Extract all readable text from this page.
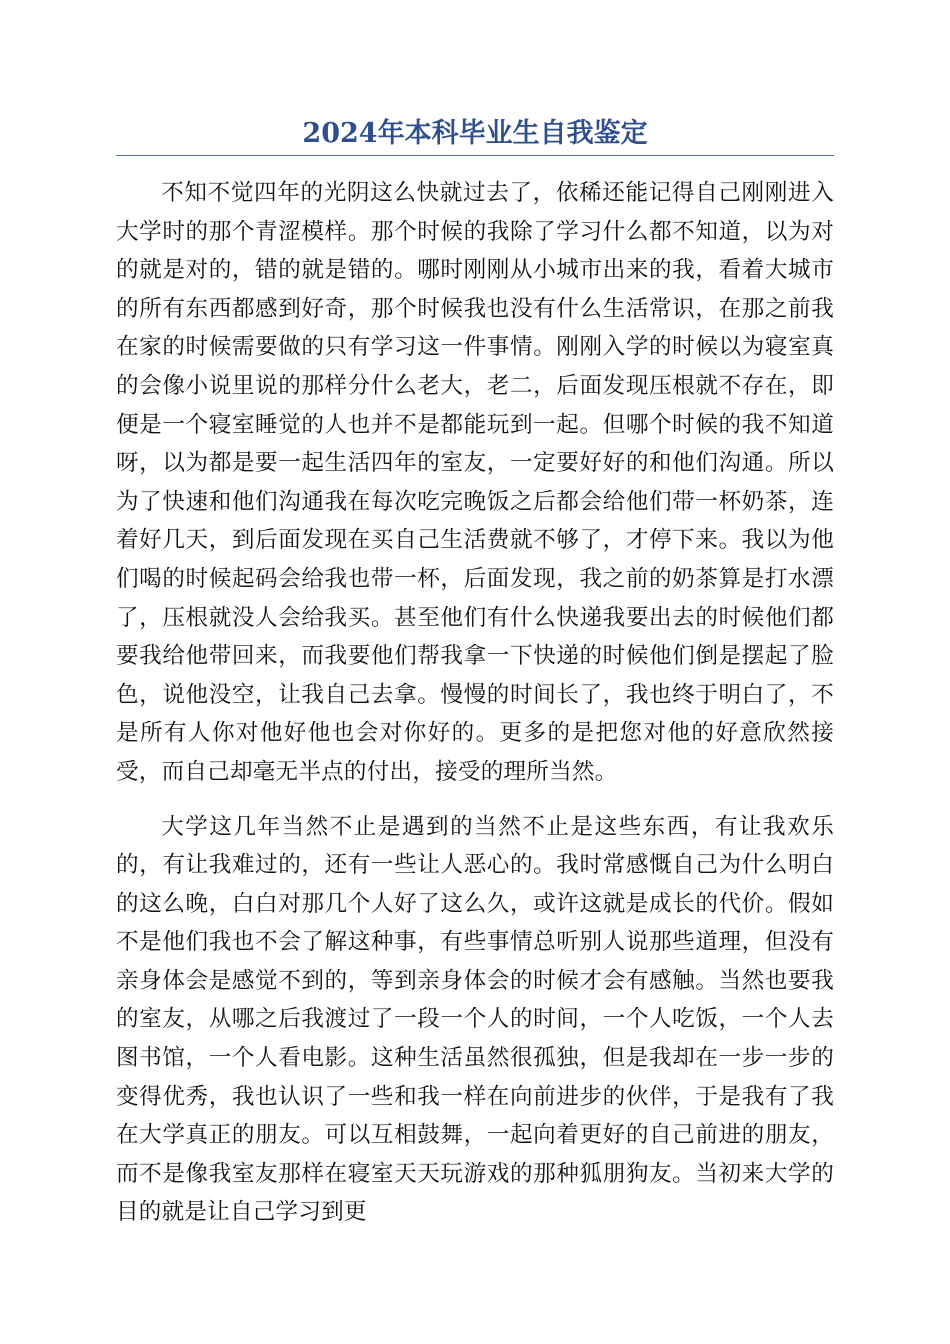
2024年本科毕业生自我鉴定

不知不觉四年的光阴这么快就过去了，依稀还能记得自己刚刚进入大学时的那个青涩模样。那个时候的我除了学习什么都不知道，以为对的就是对的，错的就是错的。哪时刚刚从小城市出来的我，看着大城市的所有东西都感到好奇，那个时候我也没有什么生活常识，在那之前我在家的时候需要做的只有学习这一件事情。刚刚入学的时候以为寝室真的会像小说里说的那样分什么老大，老二，后面发现压根就不存在，即便是一个寝室睡觉的人也并不是都能玩到一起。但哪个时候的我不知道呀，以为都是要一起生活四年的室友，一定要好好的和他们沟通。所以为了快速和他们沟通我在每次吃完晚饭之后都会给他们带一杯奶茶，连着好几天，到后面发现在买自己生活费就不够了，才停下来。我以为他们喝的时候起码会给我也带一杯，后面发现，我之前的奶茶算是打水漂了，压根就没人会给我买。甚至他们有什么快递我要出去的时候他们都要我给他带回来，而我要他们帮我拿一下快递的时候他们倒是摆起了脸色，说他没空，让我自己去拿。慢慢的时间长了，我也终于明白了，不是所有人你对他好他也会对你好的。更多的是把您对他的好意欣然接受，而自己却毫无半点的付出，接受的理所当然。

大学这几年当然不止是遇到的当然不止是这些东西，有让我欢乐的，有让我难过的，还有一些让人恶心的。我时常感慨自己为什么明白的这么晚，白白对那几个人好了这么久，或许这就是成长的代价。假如不是他们我也不会了解这种事，有些事情总听别人说那些道理，但没有亲身体会是感觉不到的，等到亲身体会的时候才会有感触。当然也要我的室友，从哪之后我渡过了一段一个人的时间，一个人吃饭，一个人去图书馆，一个人看电影。这种生活虽然很孤独，但是我却在一步一步的变得优秀，我也认识了一些和我一样在向前进步的伙伴，于是我有了我在大学真正的朋友。可以互相鼓舞，一起向着更好的自己前进的朋友，而不是像我室友那样在寝室天天玩游戏的那种狐朋狗友。当初来大学的目的就是让自己学习到更
